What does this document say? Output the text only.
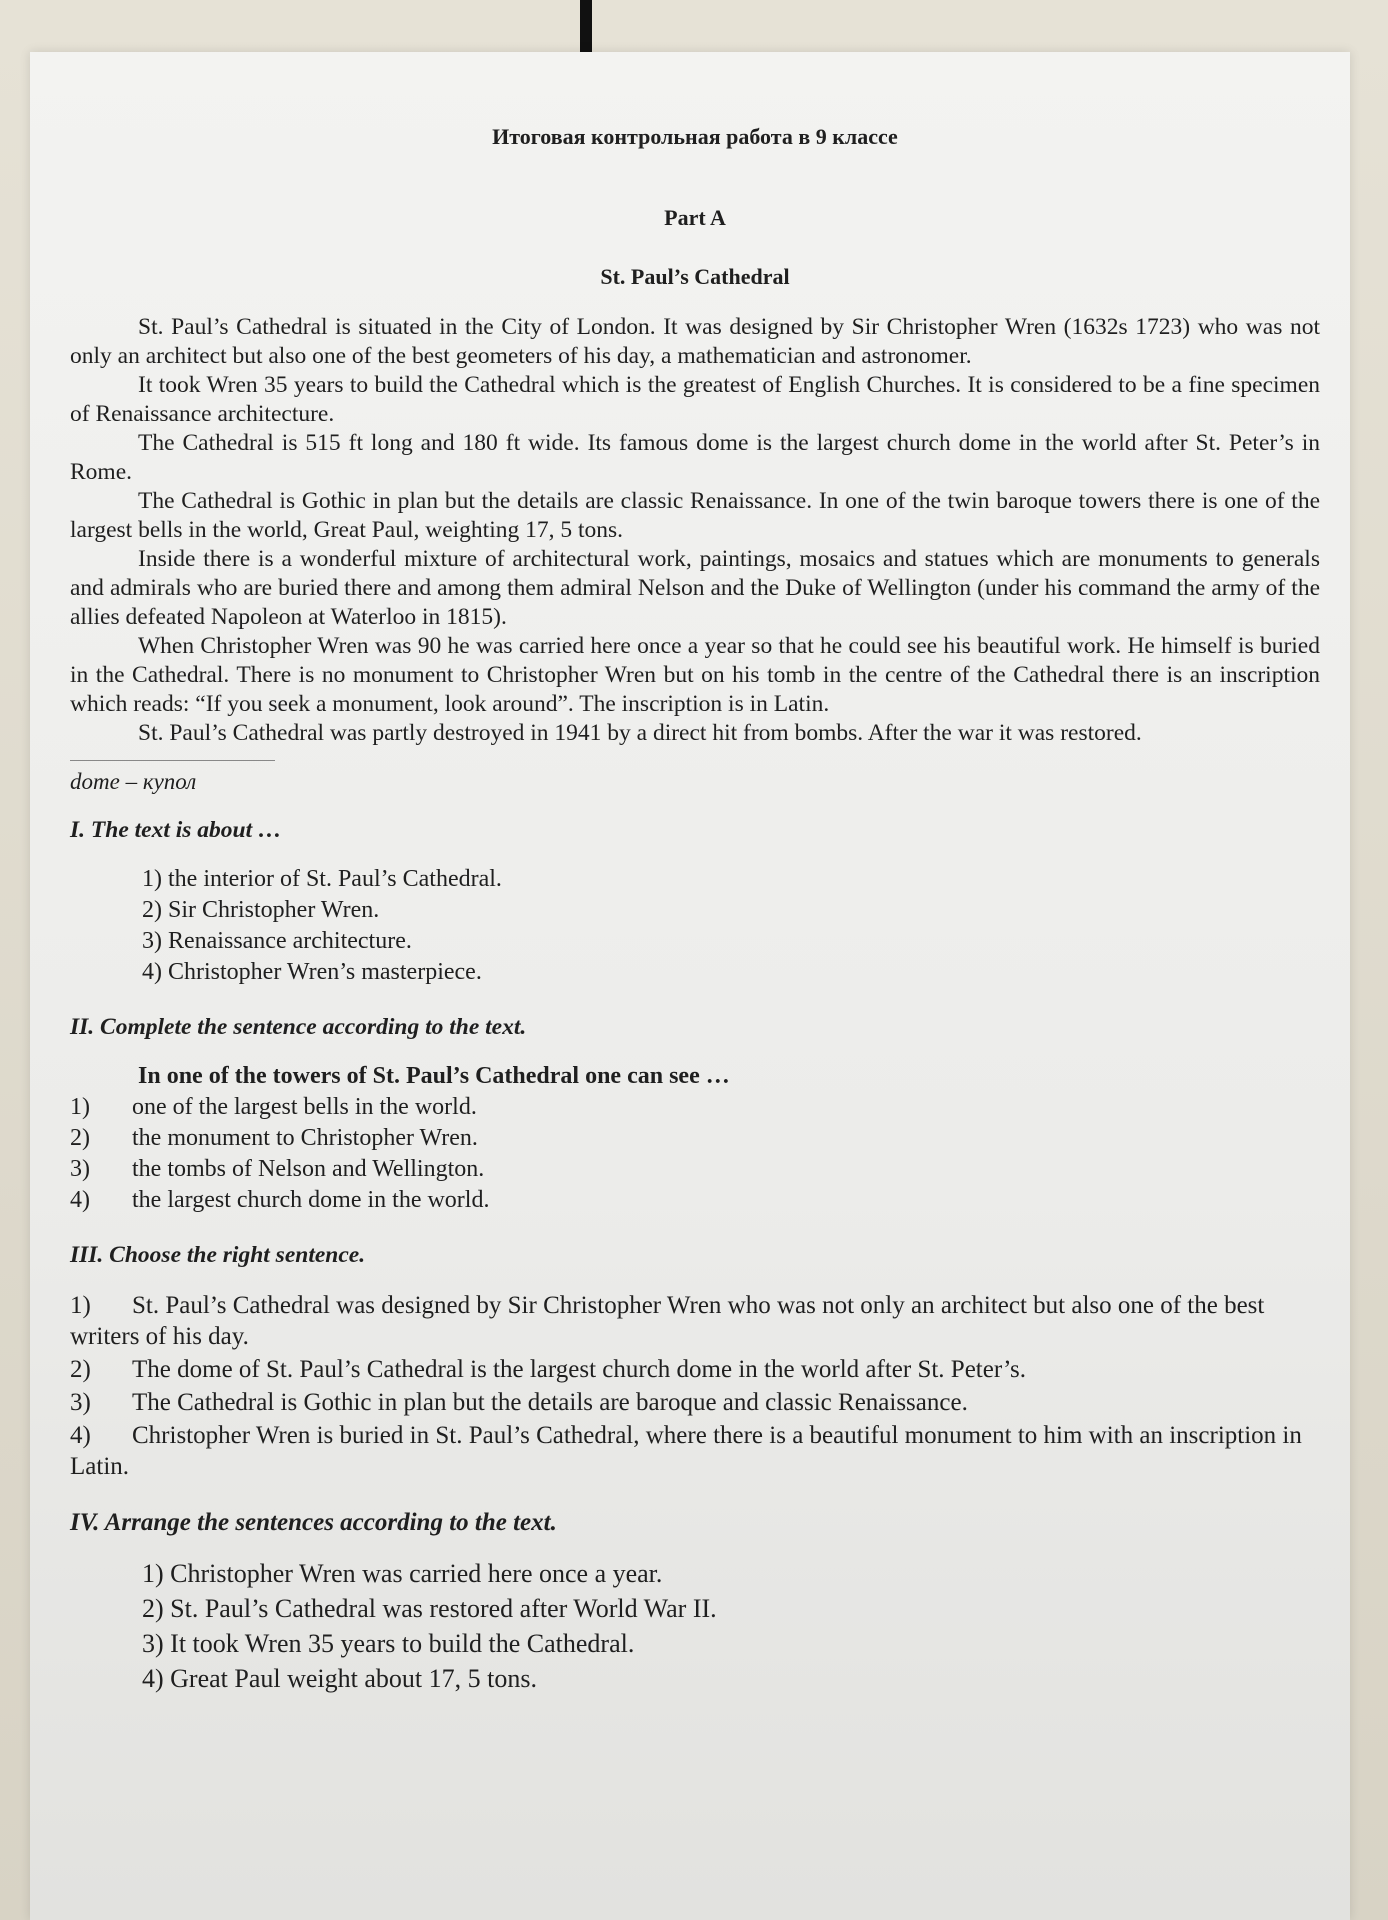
Итоговая контрольная работа в 9 классе

Part A

St. Paul’s Cathedral

St. Paul’s Cathedral is situated in the City of London. It was designed by Sir Christopher Wren (1632s 1723) who was not only an architect but also one of the best geometers of his day, a mathematician and astronomer.

It took Wren 35 years to build the Cathedral which is the greatest of English Churches. It is considered to be a fine specimen of Renaissance architecture.

The Cathedral is 515 ft long and 180 ft wide. Its famous dome is the largest church dome in the world after St. Peter’s in Rome.

The Cathedral is Gothic in plan but the details are classic Renaissance. In one of the twin baroque towers there is one of the largest bells in the world, Great Paul, weighting 17, 5 tons.

Inside there is a wonderful mixture of architectural work, paintings, mosaics and statues which are monuments to generals and admirals who are buried there and among them admiral Nelson and the Duke of Wellington (under his command the army of the allies defeated Napoleon at Waterloo in 1815).

When Christopher Wren was 90 he was carried here once a year so that he could see his beautiful work. He himself is buried in the Cathedral. There is no monument to Christopher Wren but on his tomb in the centre of the Cathedral there is an inscription which reads: “If you seek a monument, look around”. The inscription is in Latin.

St. Paul’s Cathedral was partly destroyed in 1941 by a direct hit from bombs. After the war it was restored.

dome – купол

I. The text is about …

1) the interior of St. Paul’s Cathedral.
2) Sir Christopher Wren.
3) Renaissance architecture.
4) Christopher Wren’s masterpiece.

II. Complete the sentence according to the text.

In one of the towers of St. Paul’s Cathedral one can see …

1)	one of the largest bells in the world.
2)	the monument to Christopher Wren.
3)	the tombs of Nelson and Wellington.
4)	the largest church dome in the world.

III. Choose the right sentence.

1) St. Paul’s Cathedral was designed by Sir Christopher Wren who was not only an architect but also one of the best writers of his day.
2) The dome of St. Paul’s Cathedral is the largest church dome in the world after St. Peter’s.
3) The Cathedral is Gothic in plan but the details are baroque and classic Renaissance.
4) Christopher Wren is buried in St. Paul’s Cathedral, where there is a beautiful monument to him with an inscription in Latin.

IV. Arrange the sentences according to the text.

1) Christopher Wren was carried here once a year.
2) St. Paul’s Cathedral was restored after World War II.
3) It took Wren 35 years to build the Cathedral.
4) Great Paul weight about 17, 5 tons.
